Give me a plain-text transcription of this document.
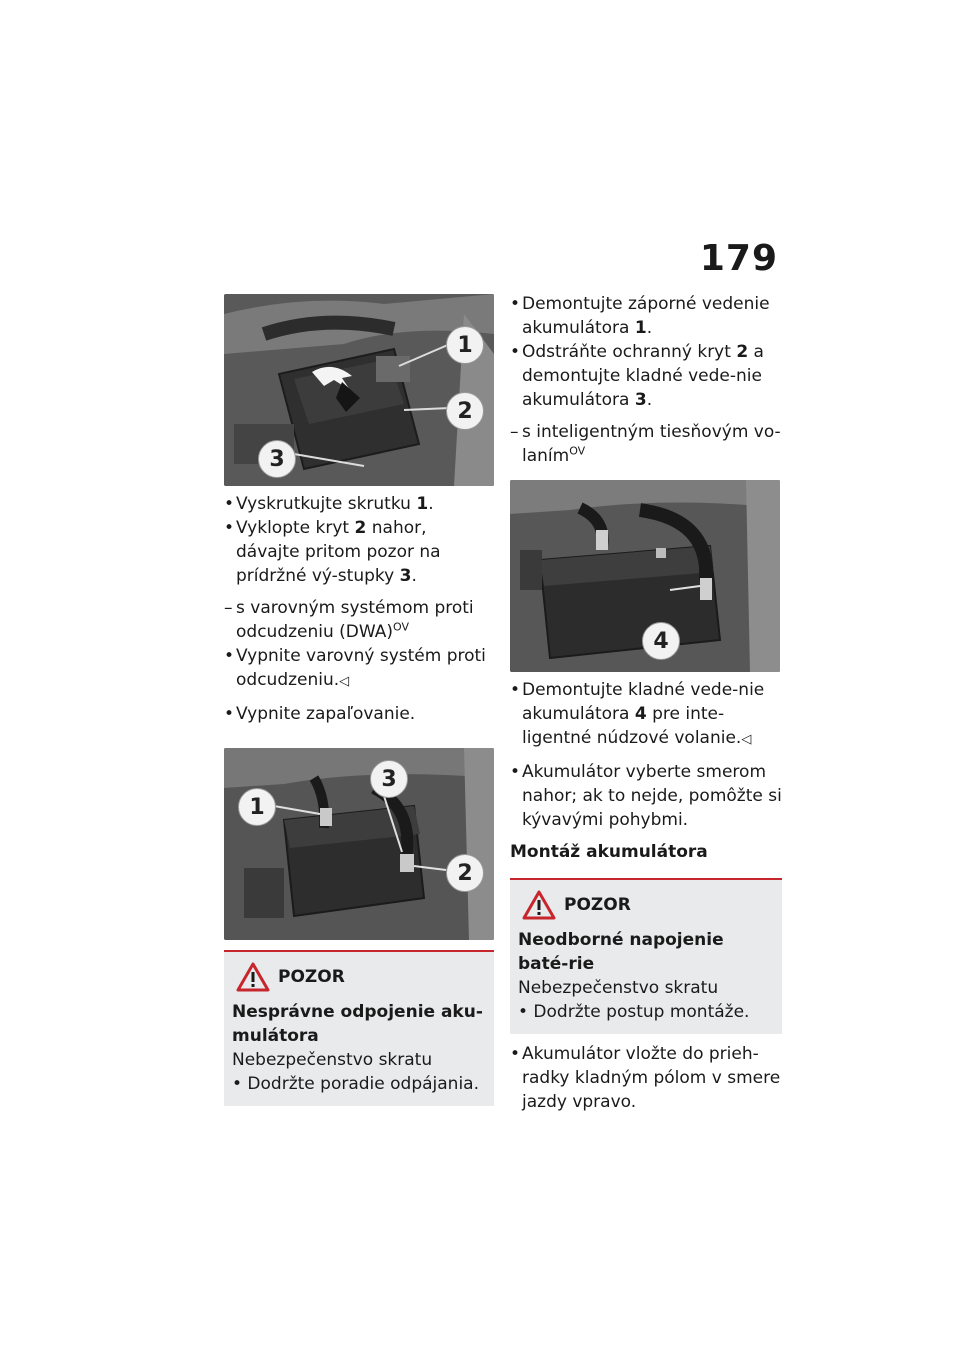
179
1
2
3
• Vyskrutkujte skrutku 1.
• Vyklopte kryt 2 nahor, dávajte pritom pozor na prídržné vý-stupky 3.
– s varovným systémom proti odcudzeniu (DWA)$^{OV}$
• Vypnite varovný systém proti odcudzeniu.◁
• Vypnite zapaľovanie.
1
3
2
POZOR
Nesprávne odpojenie aku-mulátora
Nebezpečenstvo skratu
• Dodržte poradie odpájania.
• Demontujte záporné vedenie akumulátora 1.
• Odstráňte ochranný kryt 2 a demontujte kladné vede-nie akumulátora 3.
– s inteligentným tiesňovým vo-laním$^{OV}$
4
• Demontujte kladné vede-nie akumulátora 4 pre inte-ligentné núdzové volanie.◁
• Akumulátor vyberte smerom nahor; ak to nejde, pomôžte si kývavými pohybmi.
Montáž akumulátora
POZOR
Neodborné napojenie baté-rie
Nebezpečenstvo skratu
• Dodržte postup montáže.
• Akumulátor vložte do prieh-radky kladným pólom v smere jazdy vpravo.
